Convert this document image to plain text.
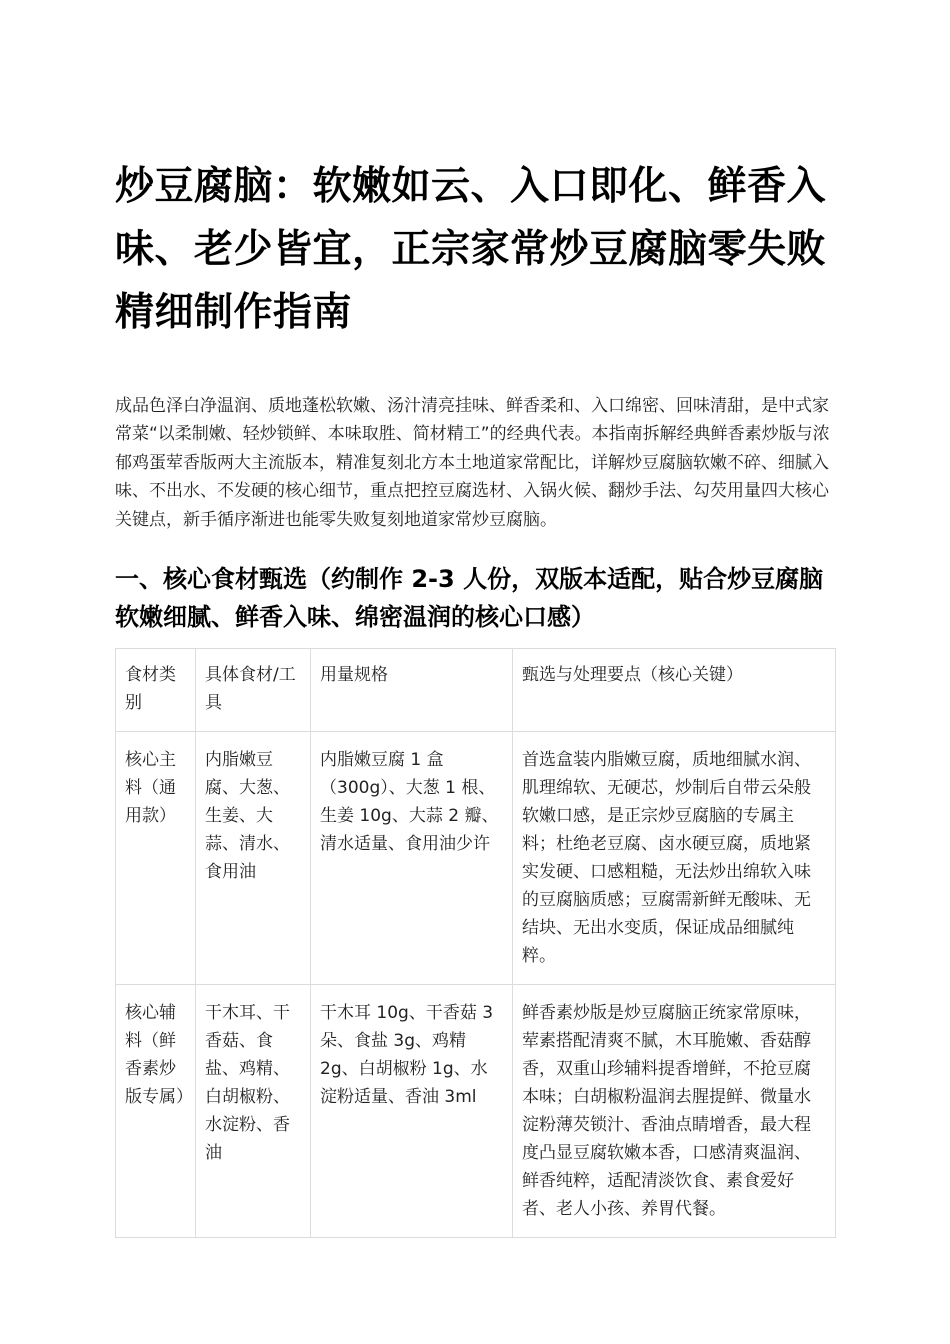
炒豆腐脑：软嫩如云、入口即化、鲜香入味、老少皆宜，正宗家常炒豆腐脑零失败精细制作指南

成品色泽白净温润、质地蓬松软嫩、汤汁清亮挂味、鲜香柔和、入口绵密、回味清甜，是中式家常菜“以柔制嫩、轻炒锁鲜、本味取胜、简材精工”的经典代表。本指南拆解经典鲜香素炒版与浓郁鸡蛋荤香版两大主流版本，精准复刻北方本土地道家常配比，详解炒豆腐脑软嫩不碎、细腻入味、不出水、不发硬的核心细节，重点把控豆腐选材、入锅火候、翻炒手法、勾芡用量四大核心关键点，新手循序渐进也能零失败复刻地道家常炒豆腐脑。

一、核心食材甄选（约制作 2-3 人份，双版本适配，贴合炒豆腐脑软嫩细腻、鲜香入味、绵密温润的核心口感）
食材类别	具体食材/工具	用量规格	甄选与处理要点（核心关键）
核心主料（通用款）	内脂嫩豆腐、大葱、生姜、大蒜、清水、食用油	内脂嫩豆腐 1 盒（300g）、大葱 1 根、生姜 10g、大蒜 2 瓣、清水适量、食用油少许	首选盒装内脂嫩豆腐，质地细腻水润、肌理绵软、无硬芯，炒制后自带云朵般软嫩口感，是正宗炒豆腐脑的专属主料；杜绝老豆腐、卤水硬豆腐，质地紧实发硬、口感粗糙，无法炒出绵软入味的豆腐脑质感；豆腐需新鲜无酸味、无结块、无出水变质，保证成品细腻纯粹。
核心辅料（鲜香素炒版专属）	干木耳、干香菇、食盐、鸡精、白胡椒粉、水淀粉、香油	干木耳 10g、干香菇 3 朵、食盐 3g、鸡精 2g、白胡椒粉 1g、水淀粉适量、香油 3ml	鲜香素炒版是炒豆腐脑正统家常原味，荤素搭配清爽不腻，木耳脆嫩、香菇醇香，双重山珍辅料提香增鲜，不抢豆腐本味；白胡椒粉温润去腥提鲜、微量水淀粉薄芡锁汁、香油点睛增香，最大程度凸显豆腐软嫩本香，口感清爽温润、鲜香纯粹，适配清淡饮食、素食爱好者、老人小孩、养胃代餐。
